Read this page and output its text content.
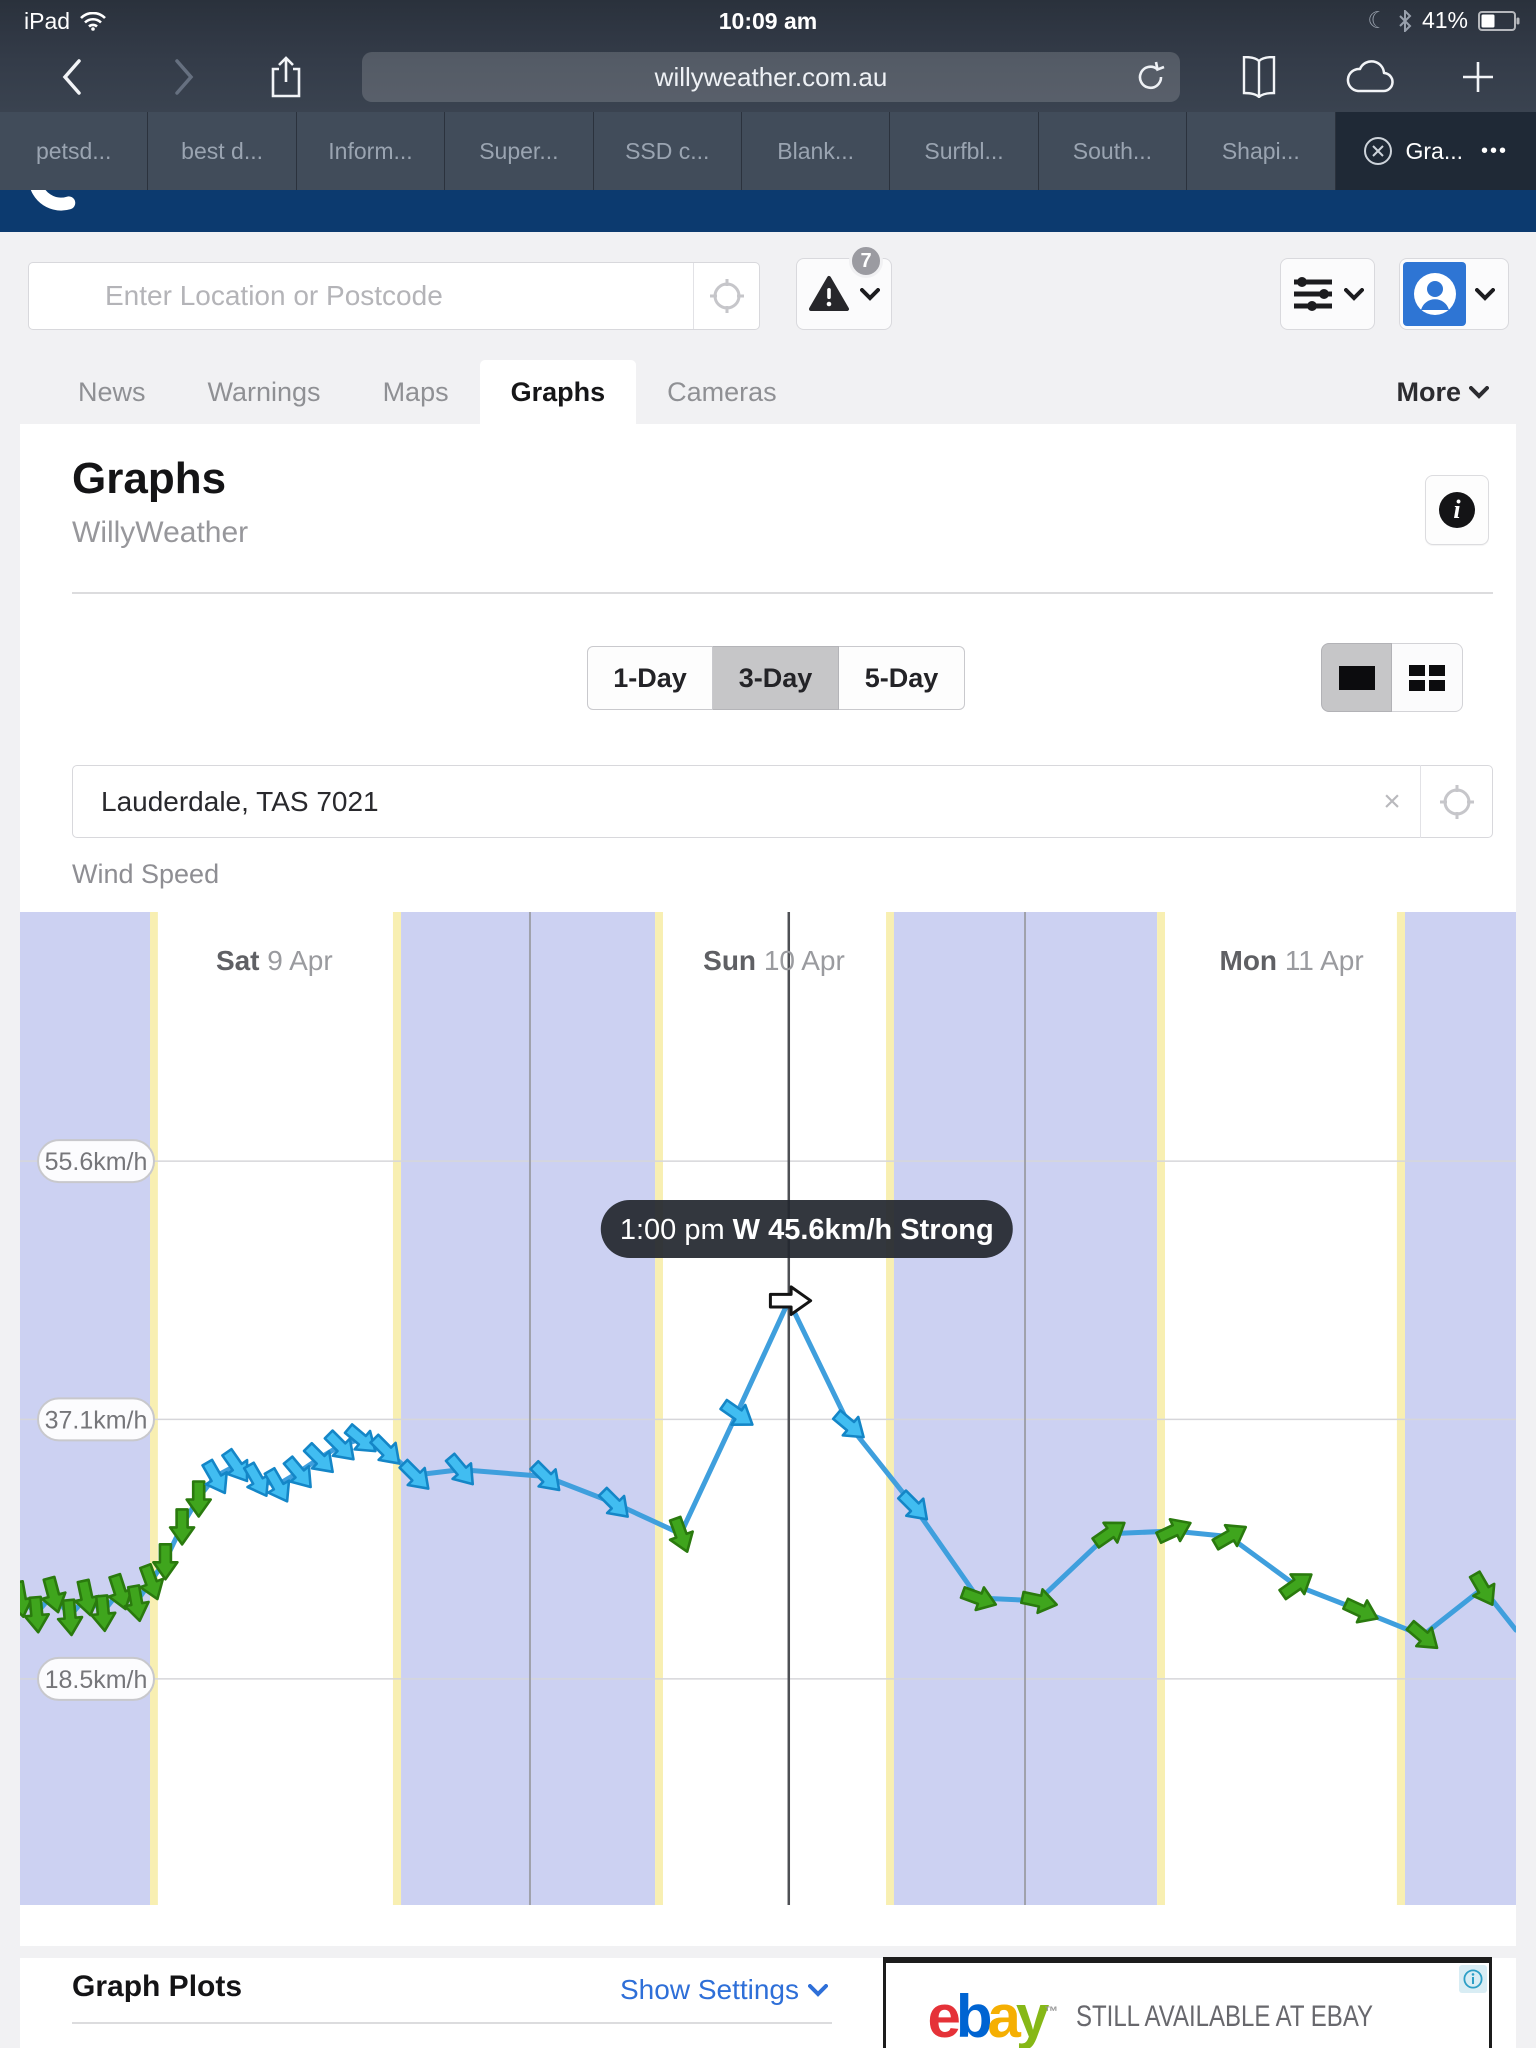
iPad	10:09 am	☾ 41%
willyweather.com.au
petsd...	best d...	Inform...	Super...	SSD c...	Blank...	Surfbl...	South...	Shapi...	Gra... •••
Enter Location or Postcode
7
News	Warnings	Maps	Graphs	Cameras	More
Graphs
WillyWeather
i
1-Day	3-Day	5-Day
Lauderdale, TAS 7021
×
Wind Speed
Sat 9 Apr	Sun 10 Apr	Mon 11 Apr
55.6km/h
37.1km/h
18.5km/h
1:00 pm W 45.6km/h Strong
Graph Plots	Show Settings ebay™ STILL AVAILABLE AT EBAY
